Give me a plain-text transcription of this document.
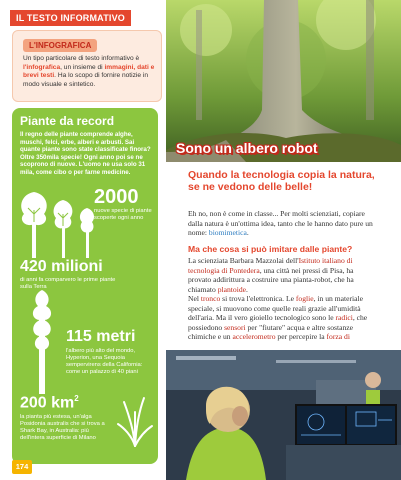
IL TESTO INFORMATIVO
L'INFOGRAFICA
Un tipo particolare di testo informativo è l'infografica, un insieme di immagini, dati e brevi testi. Ha lo scopo di fornire notizie in modo visuale e sintetico.
Piante da record
Il regno delle piante comprende alghe, muschi, felci, erbe, alberi e arbusti. Sai quante piante sono state classificate finora? Oltre 350mila specie! Ogni anno poi se ne scoprono di nuove. L'uomo ne usa solo 31 mila, come cibo o per farne medicine.
2000
nuove specie di piante scoperte ogni anno
420 milioni
di anni fa comparvero le prime piante sulla Terra
115 metri
l'albero più alto del mondo, Hyperion, una Sequoia sempervirens della California: come un palazzo di 40 piani
200 $km^2$
la pianta più estesa, un'alga Posidonia australis che si trova a Shark Bay, in Australia: più dell'intera superficie di Milano
Sono un albero robot
Quando la tecnologia copia la natura, se ne vedono delle belle!
Eh no, non è come in classe... Per molti scienziati, copiare dalla natura è un'ottima idea, tanto che le hanno dato pure un nome: biomimetica.
Ma che cosa si può imitare dalle piante?
La scienziata Barbara Mazzolai dell'Istituto italiano di tecnologia di Pontedera, una città nei pressi di Pisa, ha provato addirittura a costruire una pianta-robot, che ha chiamato plantoide.
Nel tronco si trova l'elettronica. Le foglie, in un materiale speciale, si muovono come quelle reali grazie all'umidità dell'aria. Ma il vero gioiello tecnologico sono le radici, che possiedono sensori per "fiutare" acqua e altre sostanze chimiche e un accelerometro per percepire la forza di
174
